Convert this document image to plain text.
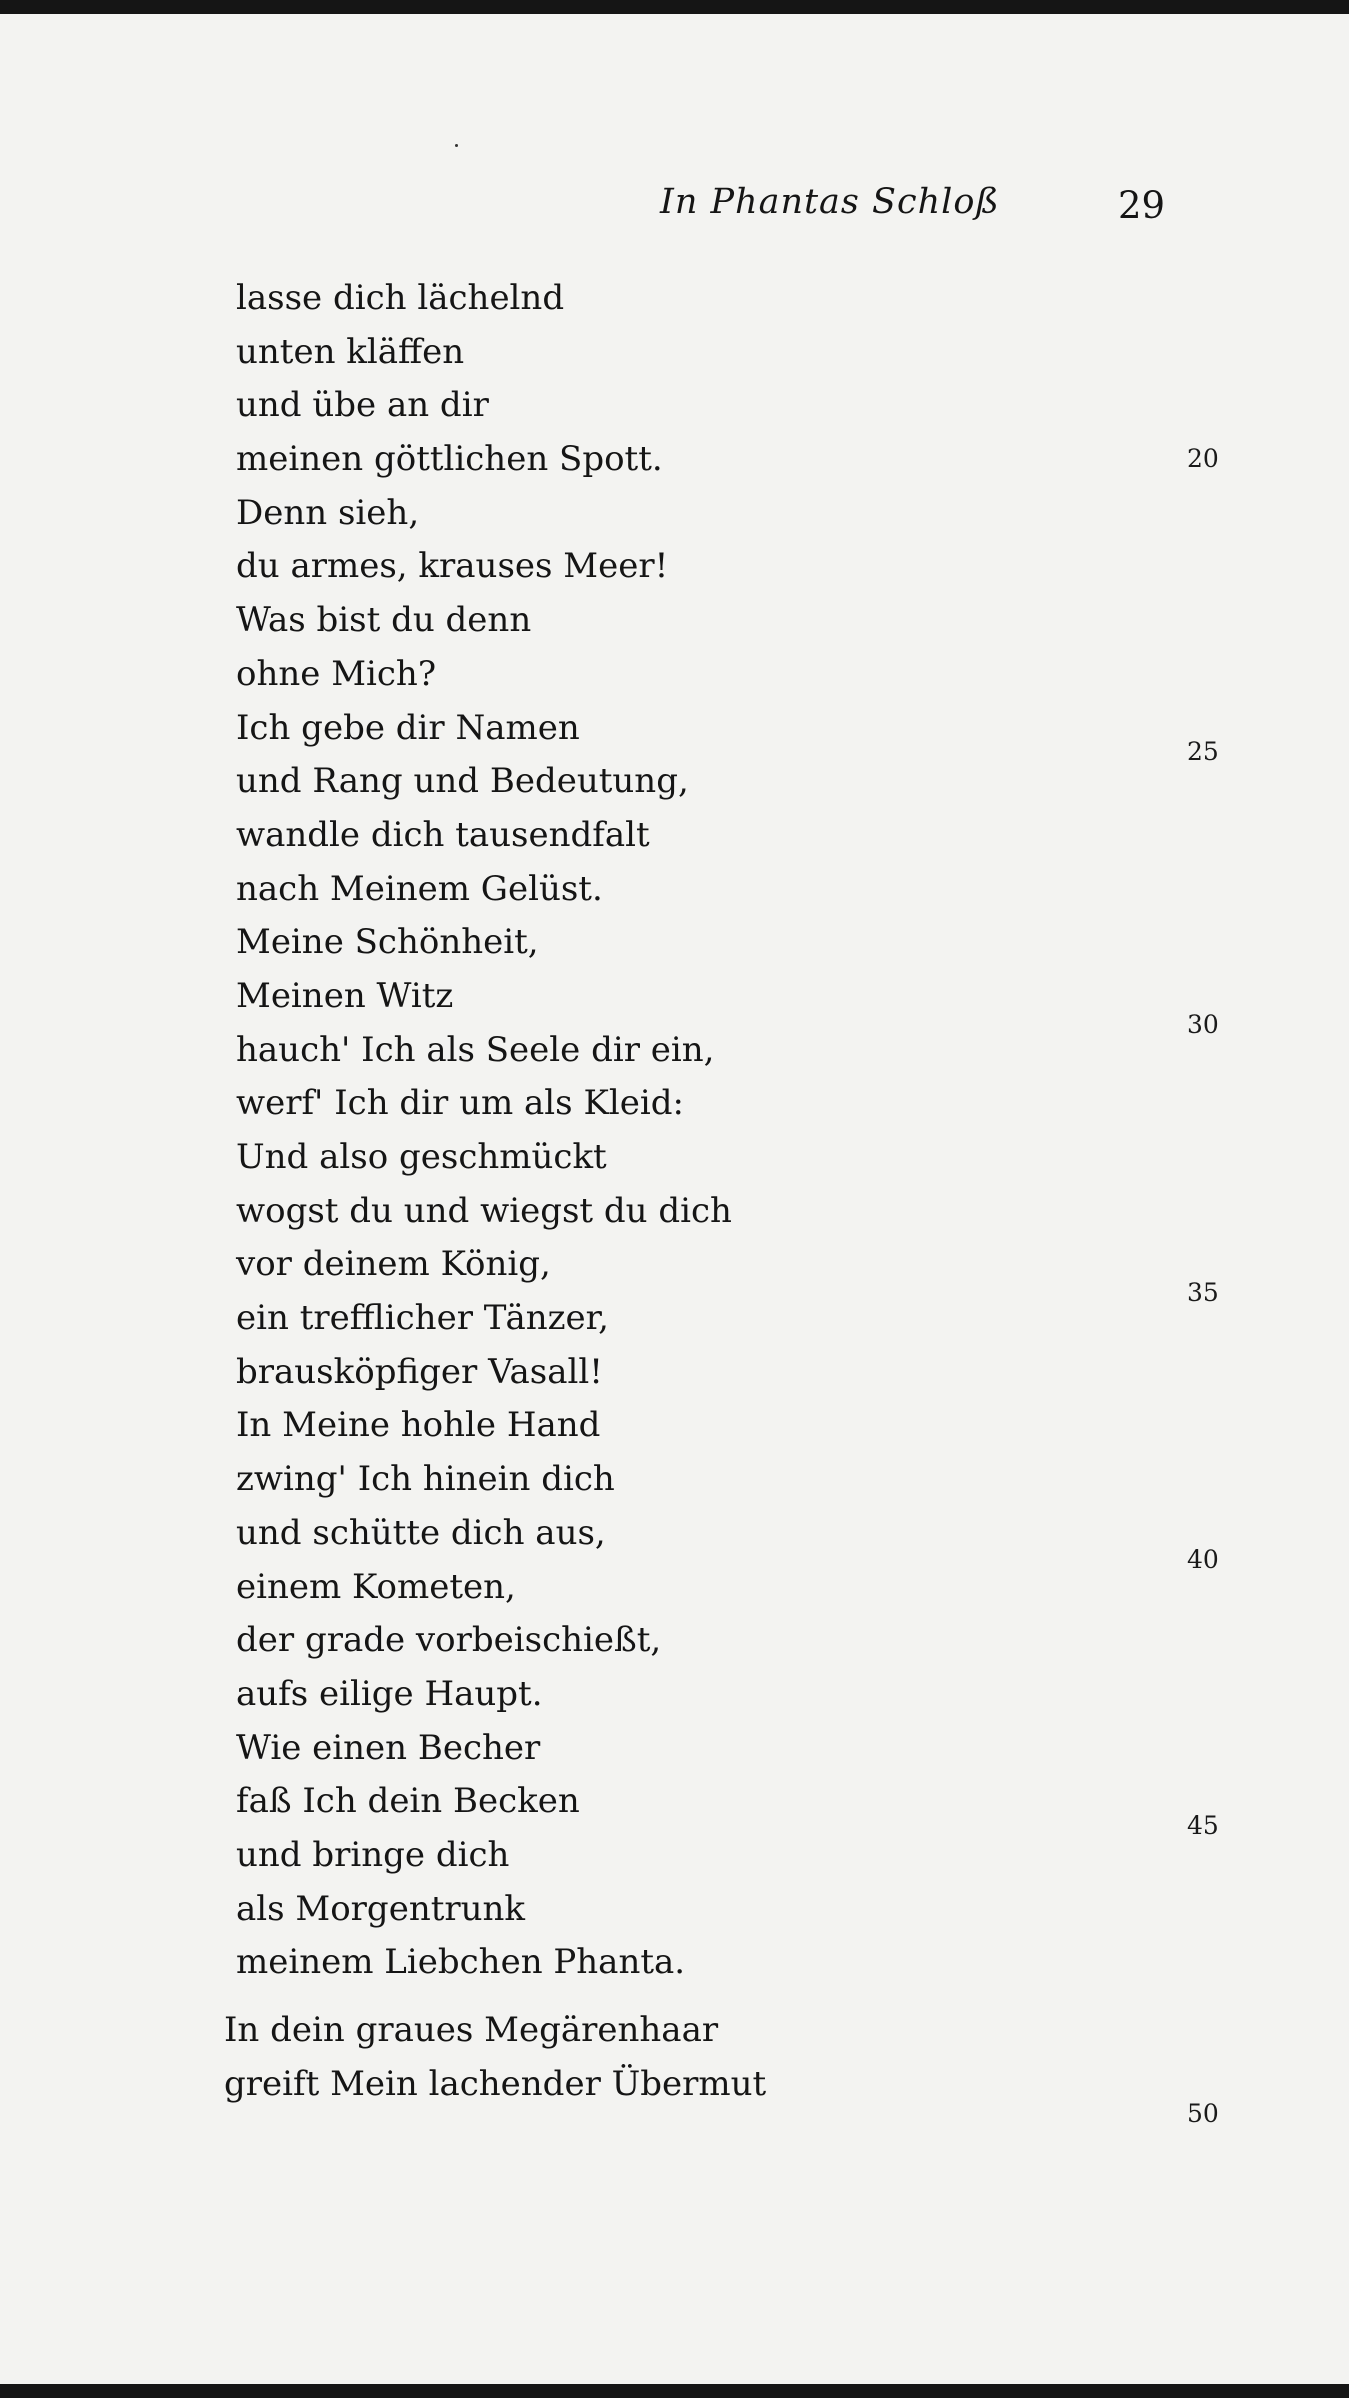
In Phantas Schloß	29
lasse dich lächelnd
unten kläffen
und übe an dir
meinen göttlichen Spott.
Denn sieh,
du armes, krauses Meer!
Was bist du denn
ohne Mich?
Ich gebe dir Namen
und Rang und Bedeutung,
wandle dich tausendfalt
nach Meinem Gelüst.
Meine Schönheit,
Meinen Witz
hauch' Ich als Seele dir ein,
werf' Ich dir um als Kleid:
Und also geschmückt
wogst du und wiegst du dich
vor deinem König,
ein trefflicher Tänzer,
brausköpfiger Vasall!
In Meine hohle Hand
zwing' Ich hinein dich
und schütte dich aus,
einem Kometen,
der grade vorbeischießt,
aufs eilige Haupt.
Wie einen Becher
faß Ich dein Becken
und bringe dich
als Morgentrunk
meinem Liebchen Phanta.
In dein graues Megärenhaar
greift Mein lachender Übermut
20
25
30
35
40
45
50
